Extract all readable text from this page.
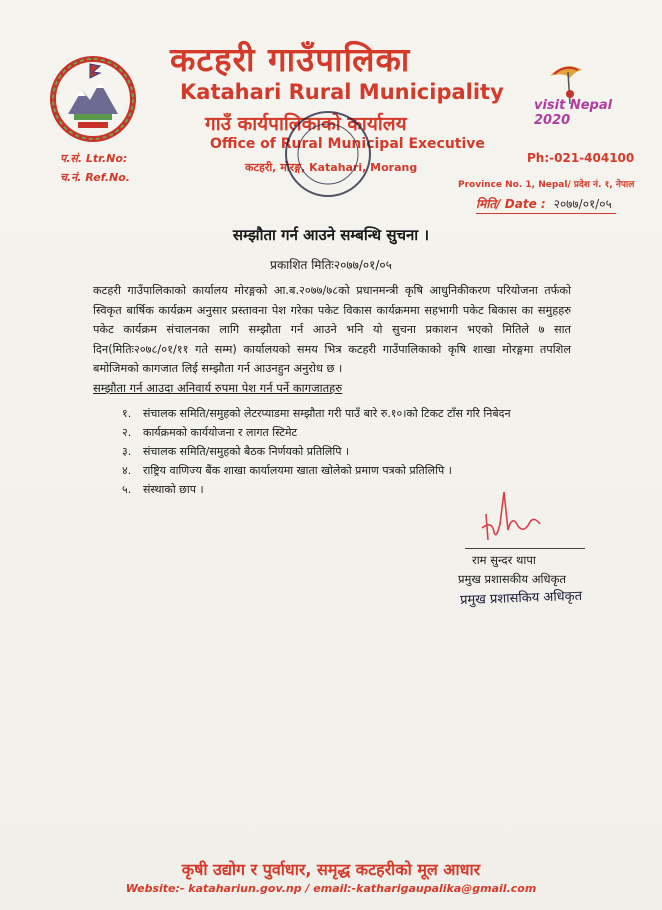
कटहरी गाउँपालिका
Katahari Rural Municipality
गाउँ कार्यपालिकाको कार्यालय
Office of Rural Municipal Executive
कटहरी, मोरङ्ग, Katahari, Morang
visit Nepal 2020
प.सं. Ltr.No:
च.नं. Ref.No.
Ph:-021-404100
Province No. 1, Nepal/ प्रदेश नं. १, नेपाल
मिति/ Date : २०७७/०१/०५
सम्झौता गर्न आउने सम्बन्धि सुचना ।
प्रकाशित मितिः२०७७/०१/०५
कटहरी गाउँपालिकाको कार्यालय मोरङ्गको आ.ब.२०७७/७८को प्रधानमन्त्री कृषि आधुनिकीकरण परियोजना तर्फको स्विकृत बार्षिक कार्यक्रम अनुसार प्रस्तावना पेश गरेका पकेट विकास कार्यक्रममा सहभागी पकेट बिकास का समुहहरु पकेट कार्यक्रम संचालनका लागि सम्झौता गर्न आउने भनि यो सुचना प्रकाशन भएको मितिले ७ सात दिन(मितिः२०७८/०१/११ गते सम्म) कार्यालयको समय भित्र कटहरी गाउँपालिकाको कृषि शाखा मोरङ्गमा तपशिल बमोजिमको कागजात लिई सम्झौता गर्न आउनहुन अनुरोध छ ।
सम्झौता गर्न आउदा अनिवार्य रुपमा पेश गर्न पर्ने कागजातहरु
१.	संचालक समिति/समुहको लेटरप्याडमा सम्झौता गरी पाउँ बारे रु.१०।को टिकट टाँस गरि निबेदन
२.	कार्यक्रमको कार्ययोजना र लागत स्टिमेट
३.	संचालक समिति/समुहको बैठक निर्णयको प्रतिलिपि ।
४.	राष्ट्रिय वाणिज्य बैंक शाखा कार्यालयमा खाता खोलेको प्रमाण पत्रको प्रतिलिपि ।
५.	संस्थाको छाप ।
राम सुन्दर थापा
प्रमुख प्रशासकीय अधिकृत
प्रमुख प्रशासकिय अधिकृत
कृषी उद्योग र पुर्वाधार, समृद्ध कटहरीको मूल आधार
Website:- katahariun.gov.np / email:-katharigaupalika@gmail.com
